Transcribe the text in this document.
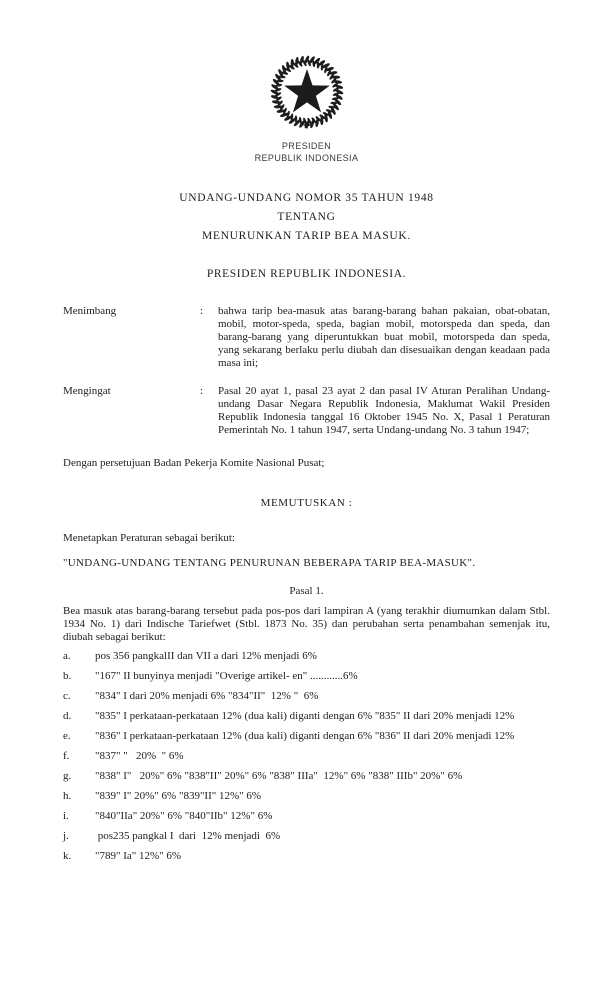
PRESIDEN
REPUBLIK INDONESIA
UNDANG-UNDANG NOMOR 35 TAHUN 1948
TENTANG
MENURUNKAN TARIP BEA MASUK.
PRESIDEN REPUBLIK INDONESIA.
Menimbang	:	bahwa tarip bea-masuk atas barang-barang bahan pakaian, obat-obatan, mobil, motor-speda, speda, bagian mobil, motorspeda dan speda, dan barang-barang yang diperuntukkan buat mobil, motorspeda dan speda, yang sekarang berlaku perlu diubah dan disesuaikan dengan keadaan pada masa ini;
Mengingat	:	Pasal 20 ayat 1, pasal 23 ayat 2 dan pasal IV Aturan Peralihan Undang-undang Dasar Negara Republik Indonesia, Maklumat Wakil Presiden Republik Indonesia tanggal 16 Oktober 1945 No. X, Pasal 1 Peraturan Pemerintah No. 1 tahun 1947, serta Undang-undang No. 3 tahun 1947;
Dengan persetujuan Badan Pekerja Komite Nasional Pusat;
MEMUTUSKAN :
Menetapkan Peraturan sebagai berikut:
"UNDANG-UNDANG TENTANG PENURUNAN BEBERAPA TARIP BEA-MASUK".
Pasal 1.
Bea masuk atas barang-barang tersebut pada pos-pos dari lampiran A (yang terakhir diumumkan dalam Stbl. 1934 No. 1) dari Indische Tariefwet (Stbl. 1873 No. 35) dan perubahan serta penambahan semenjak itu, diubah sebagai berikut:
a.	pos 356 pangkalII dan VII a dari 12% menjadi 6%
b.	"167" II bunyinya menjadi "Overige artikel- en" ............6%
c.	"834" I dari 20% menjadi 6% "834"II"  12% "  6%
d.	"835" I perkataan-perkataan 12% (dua kali) diganti dengan 6% "835" II dari 20% menjadi 12%
e.	"836" I perkataan-perkataan 12% (dua kali) diganti dengan 6% "836" II dari 20% menjadi 12%
f.	"837" "   20%  " 6%
g.	"838" I"   20%" 6% "838"II" 20%" 6% "838" IIIa"  12%" 6% "838" IIIb" 20%" 6%
h.	"839" I" 20%" 6% "839"II" 12%" 6%
i.	"840"IIa" 20%" 6% "840"IIb" 12%" 6%
j.	pos235 pangkal I  dari  12% menjadi  6%
k.	"789" Ia" 12%" 6%
